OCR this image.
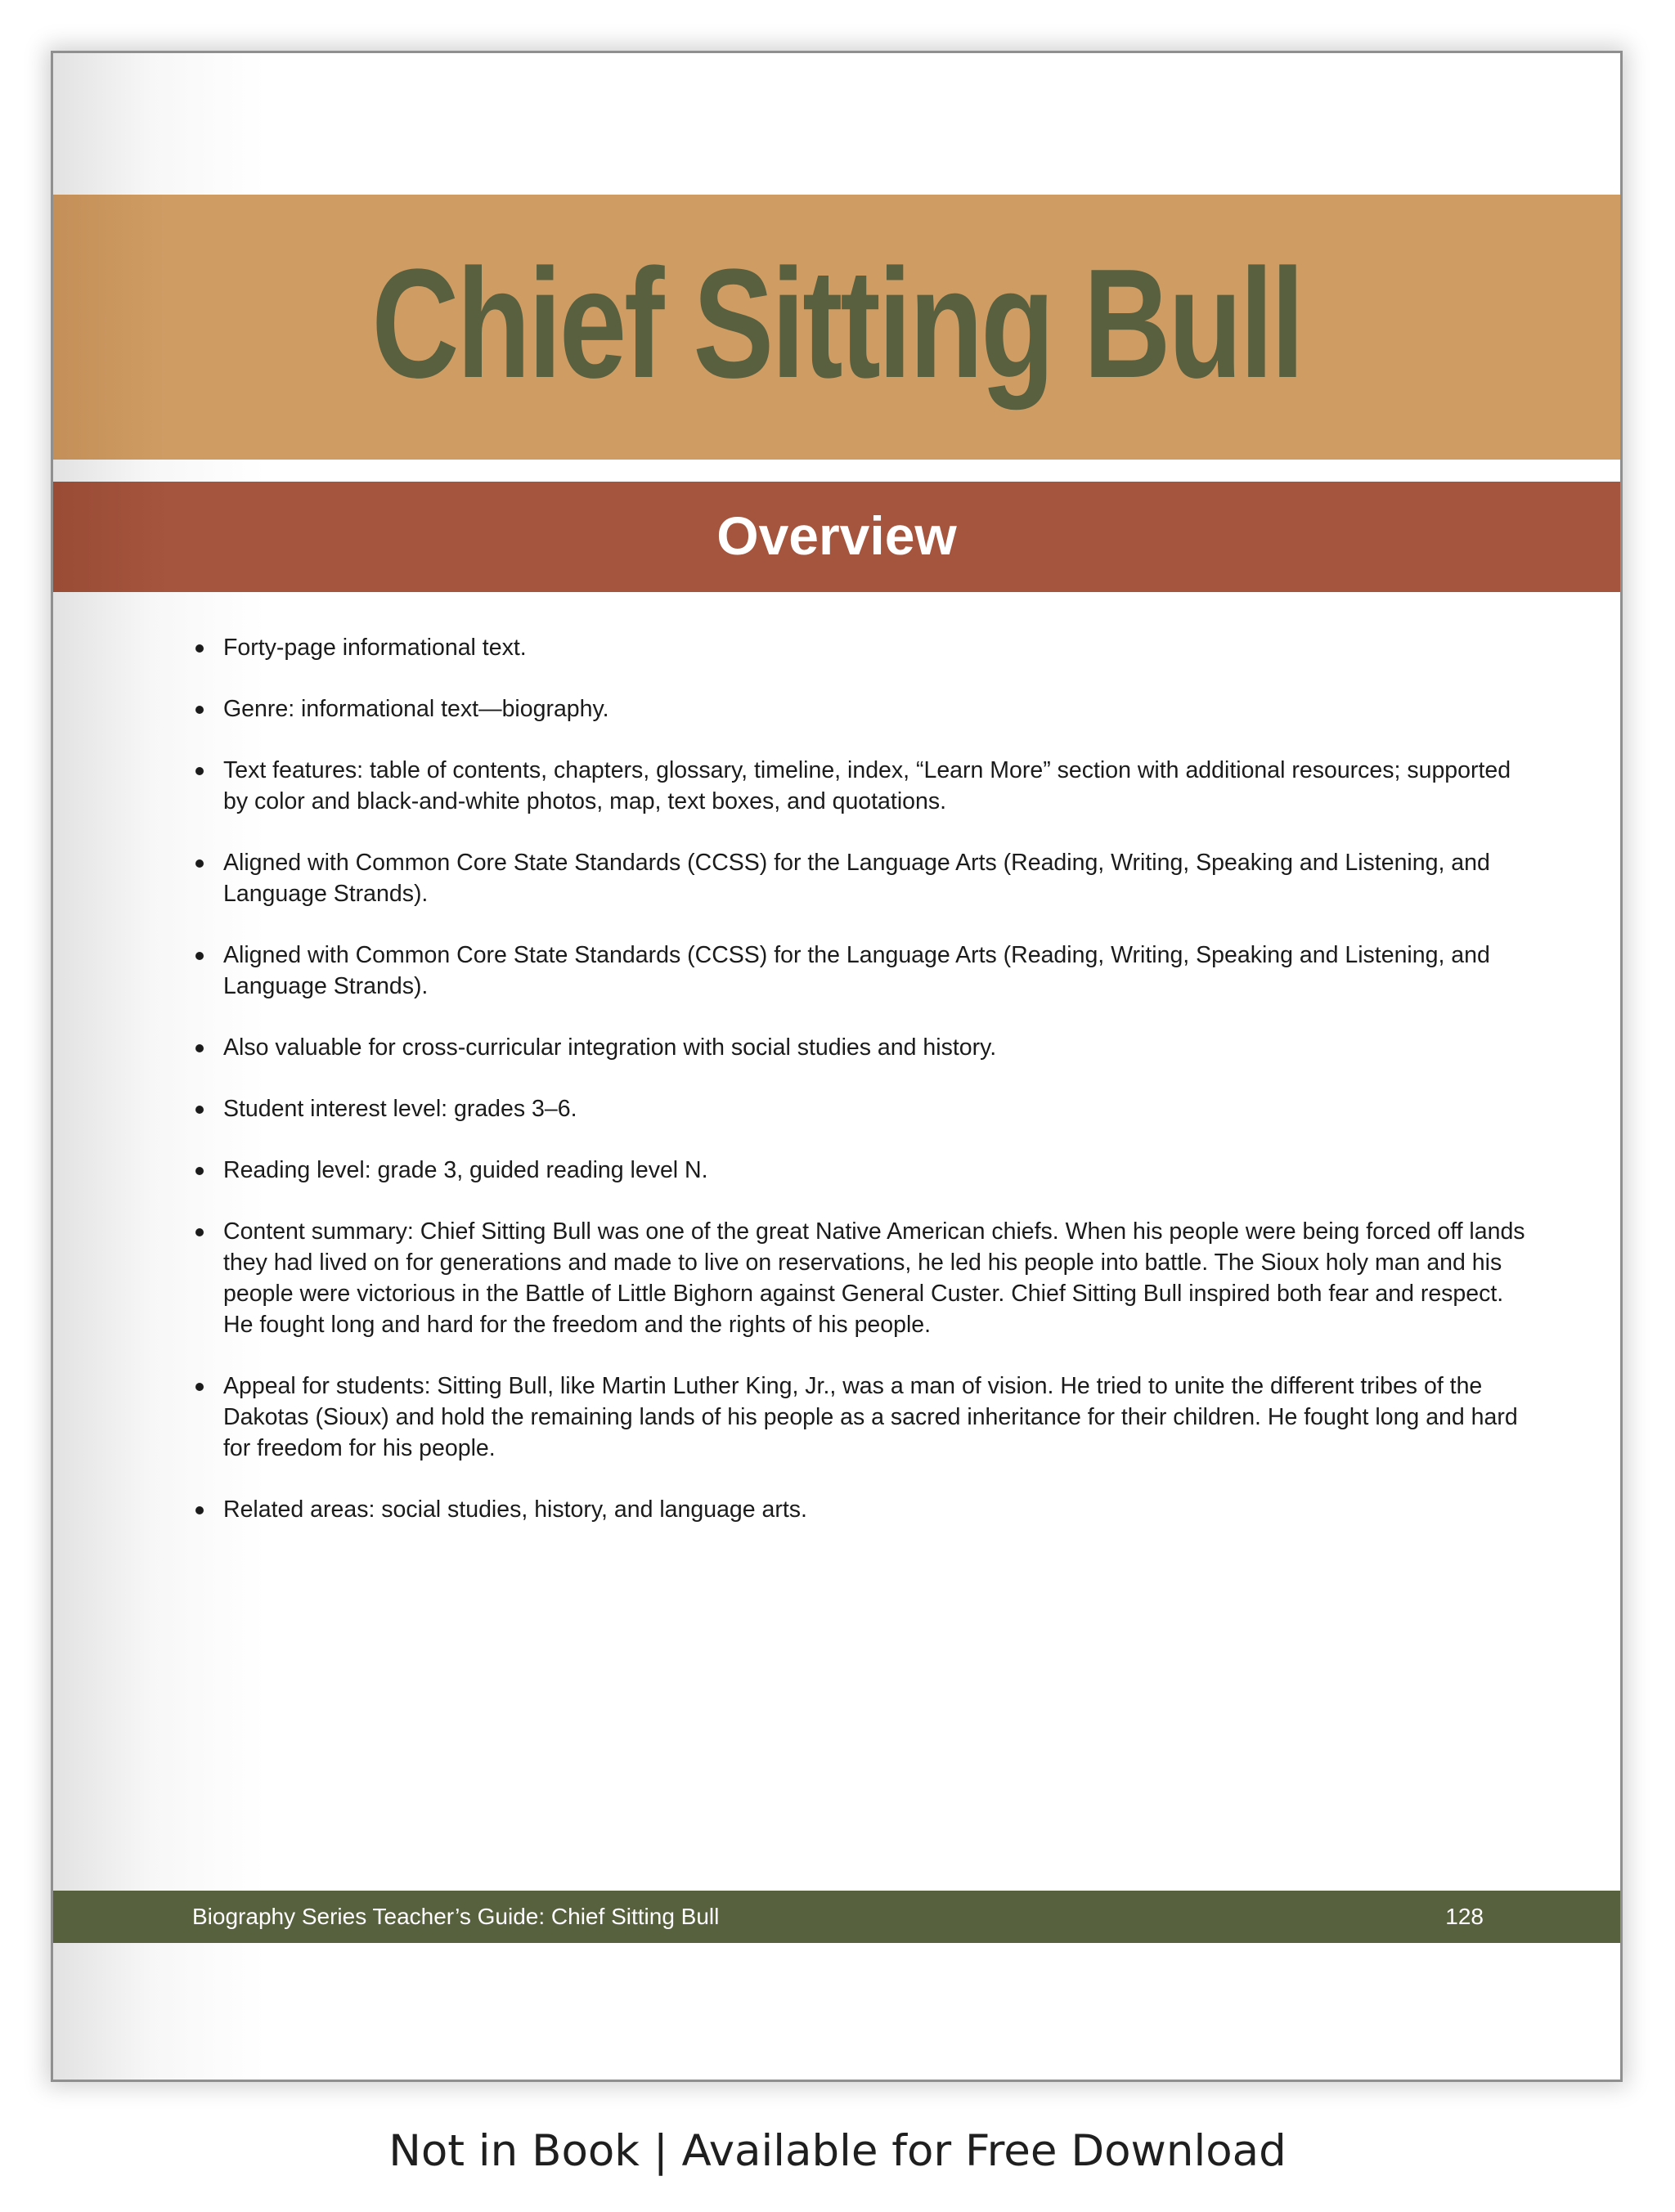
Chief Sitting Bull
Overview
Forty-page informational text.
Genre: informational text—biography.
Text features: table of contents, chapters, glossary, timeline, index, “Learn More” section with additional resources; supported by color and black-and-white photos, map, text boxes, and quotations.
Aligned with Common Core State Standards (CCSS) for the Language Arts (Reading, Writing, Speaking and Listening, and Language Strands).
Aligned with Common Core State Standards (CCSS) for the Language Arts (Reading, Writing, Speaking and Listening, and Language Strands).
Also valuable for cross-curricular integration with social studies and history.
Student interest level: grades 3–6.
Reading level: grade 3, guided reading level N.
Content summary: Chief Sitting Bull was one of the great Native American chiefs. When his people were being forced off lands they had lived on for generations and made to live on reservations, he led his people into battle. The Sioux holy man and his people were victorious in the Battle of Little Bighorn against General Custer. Chief Sitting Bull inspired both fear and respect. He fought long and hard for the freedom and the rights of his people.
Appeal for students: Sitting Bull, like Martin Luther King, Jr., was a man of vision. He tried to unite the different tribes of the Dakotas (Sioux) and hold the remaining lands of his people as a sacred inheritance for their children. He fought long and hard for freedom for his people.
Related areas: social studies, history, and language arts.
Biography Series Teacher’s Guide: Chief Sitting Bull	128
Not in Book | Available for Free Download
